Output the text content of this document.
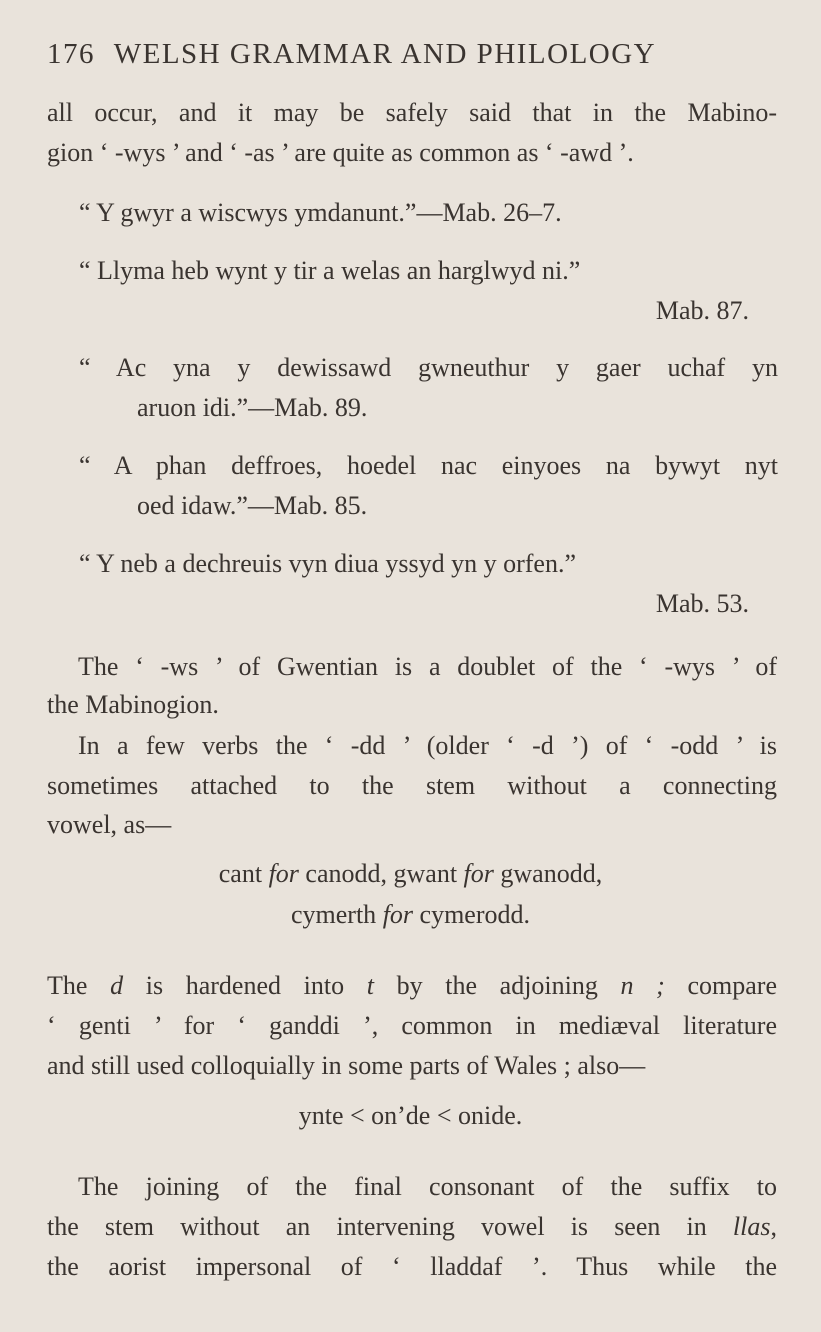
176 WELSH GRAMMAR AND PHILOLOGY
all occur, and it may be safely said that in the Mabino-
gion ‘ -wys ’ and ‘ -as ’ are quite as common as ‘ -awd ’.
“ Y gwyr a wiscwys ymdanunt.”—Mab. 26–7.
“ Llyma heb wynt y tir a welas an harglwyd ni.”
Mab. 87.
“ Ac yna y dewissawd gwneuthur y gaer uchaf yn
aruon idi.”—Mab. 89.
“ A phan deffroes, hoedel nac einyoes na bywyt nyt
oed idaw.”—Mab. 85.
“ Y neb a dechreuis vyn diua yssyd yn y orfen.”
Mab. 53.
The ‘ -ws ’ of Gwentian is a doublet of the ‘ -wys ’ of
the Mabinogion.
In a few verbs the ‘ -dd ’ (older ‘ -d ’) of ‘ -odd ’ is
sometimes attached to the stem without a connecting
vowel, as—
cant for canodd, gwant for gwanodd,
cymerth for cymerodd.
The d is hardened into t by the adjoining n ; compare
‘ genti ’ for ‘ ganddi ’, common in mediæval literature
and still used colloquially in some parts of Wales ; also—
ynte < on’de < onide.
The joining of the final consonant of the suffix to
the stem without an intervening vowel is seen in llas,
the aorist impersonal of ‘ lladdaf ’. Thus while the
